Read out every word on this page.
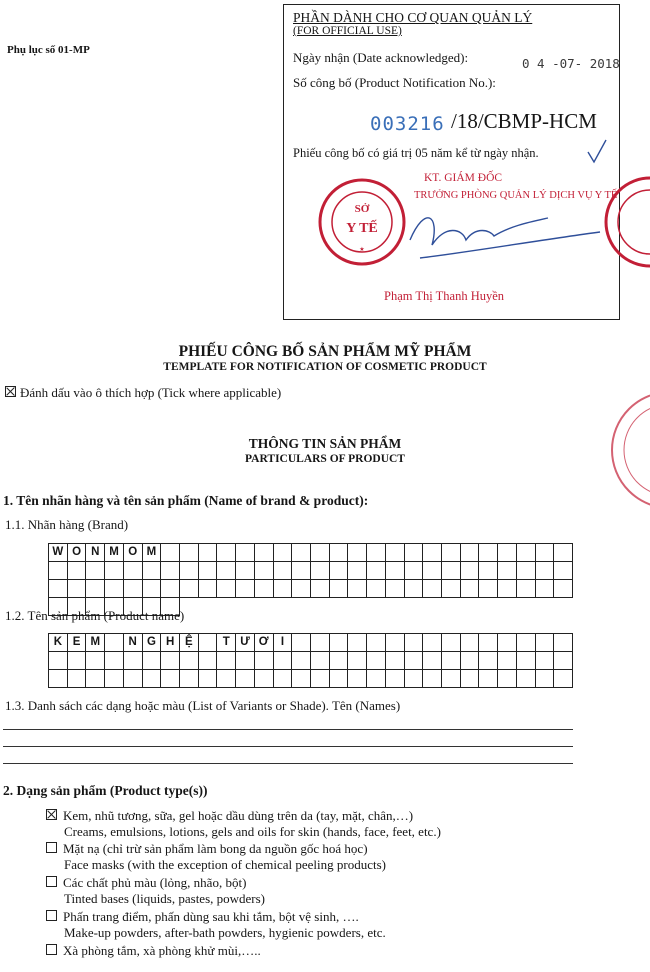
Phụ lục số 01-MP
PHẦN DÀNH CHO CƠ QUAN QUẢN LÝ
(FOR OFFICIAL USE)
Ngày nhận (Date acknowledged):	0 4 -07- 2018
Số công bố (Product Notification No.):
003216 /18/CBMP-HCM
Phiếu công bố có giá trị 05 năm kể từ ngày nhận.
KT. GIÁM ĐỐC
TRƯỞNG PHÒNG QUẢN LÝ DỊCH VỤ Y TẾ
Phạm Thị Thanh Huyền
SỞ
Y TẾ
★
PHIẾU CÔNG BỐ SẢN PHẨM MỸ PHẨM
TEMPLATE FOR NOTIFICATION OF COSMETIC PRODUCT
Đánh dấu vào ô thích hợp (Tick where applicable)
THÔNG TIN SẢN PHẨM
PARTICULARS OF PRODUCT
1. Tên nhãn hàng và tên sản phẩm (Name of brand & product):
1.1. Nhãn hàng (Brand)
W O N M O M
1.2. Tên sản phẩm (Product name)
K E M	N G H Ệ	T Ư Ơ	I
1.3. Danh sách các dạng hoặc màu (List of Variants or Shade). Tên (Names)
2. Dạng sản phẩm (Product type(s))
Kem, nhũ tương, sữa, gel hoặc dầu dùng trên da (tay, mặt, chân,…)
Creams, emulsions, lotions, gels and oils for skin (hands, face, feet, etc.)
Mặt nạ (chỉ trừ sản phẩm làm bong da nguồn gốc hoá học)
Face masks (with the exception of chemical peeling products)
Các chất phủ màu (lỏng, nhão, bột)
Tinted bases (liquids, pastes, powders)
Phấn trang điểm, phấn dùng sau khi tắm, bột vệ sinh, ….
Make-up powders, after-bath powders, hygienic powders, etc.
Xà phòng tắm, xà phòng khử mùi,…..
